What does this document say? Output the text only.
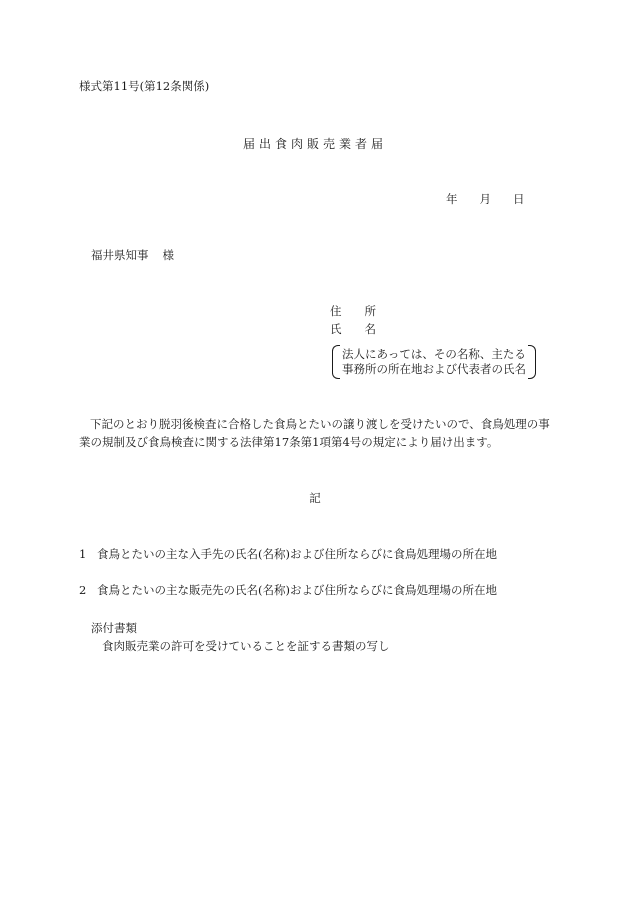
様式第11号(第12条関係)
届出食肉販売業者届
年 月 日
福井県知事 様
住　　所
氏　　名
法人にあっては、その名称、主たる
事務所の所在地および代表者の氏名
下記のとおり脱羽後検査に合格した食鳥とたいの譲り渡しを受けたいので、食鳥処理の事業の規制及び食鳥検査に関する法律第17条第1項第4号の規定により届け出ます。
記
1 食鳥とたいの主な入手先の氏名(名称)および住所ならびに食鳥処理場の所在地
2 食鳥とたいの主な販売先の氏名(名称)および住所ならびに食鳥処理場の所在地
添付書類
食肉販売業の許可を受けていることを証する書類の写し
